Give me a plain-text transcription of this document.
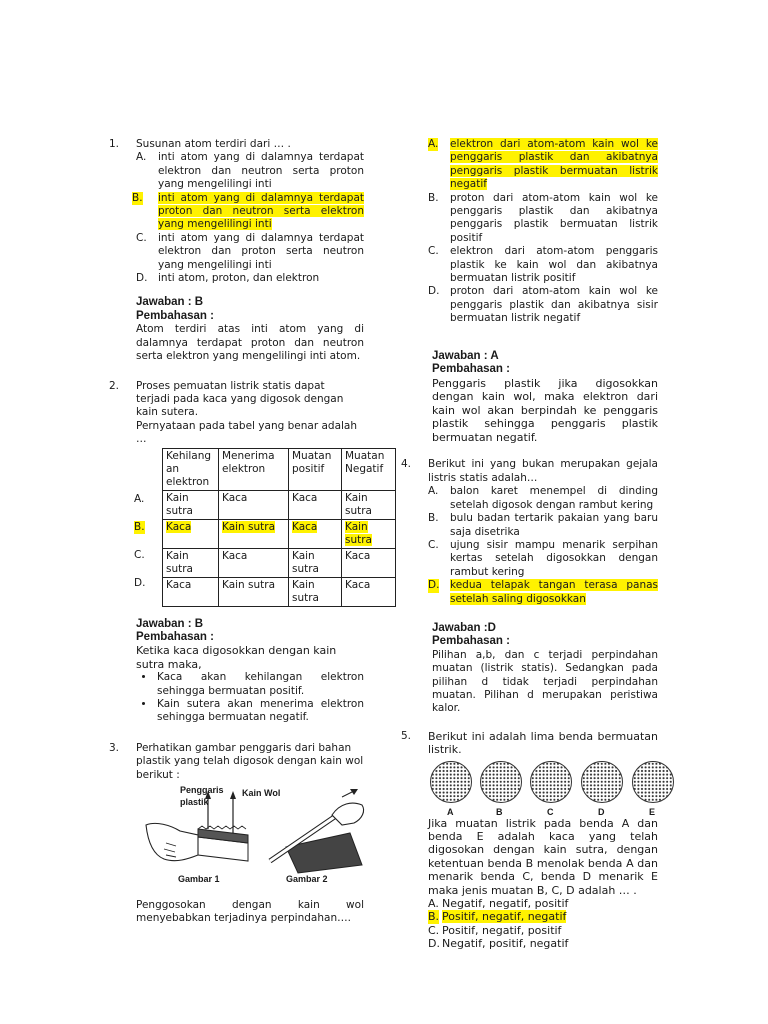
1. Susunan atom terdiri dari … .
A. inti atom yang di dalamnya terdapat elektron dan neutron serta proton yang mengelilingi inti
B. inti atom yang di dalamnya terdapat proton dan neutron serta elektron yang mengelilingi inti
C. inti atom yang di dalamnya terdapat elektron dan proton serta neutron yang mengelilingi inti
D. inti atom, proton, dan elektron
Jawaban : B
Pembahasan :
Atom terdiri atas inti atom yang di dalamnya terdapat proton dan neutron serta elektron yang mengelilingi inti atom.
2. Proses pemuatan listrik statis dapat terjadi pada kaca yang digosok dengan kain sutera.
Pernyataan pada tabel yang benar adalah …
Kehilang an elektron	Menerima elektron	Muatan positif	Muatan Negatif
Kain sutra	Kaca	Kaca	Kain sutra
Kaca	Kain sutra	Kaca	Kain sutra
Kain sutra	Kaca	Kain sutra	Kaca
Kaca	Kain sutra	Kain sutra	Kaca
A.
B.
C.
D.
Jawaban : B
Pembahasan :
Ketika kaca digosokkan dengan kain sutra maka,
• Kaca akan kehilangan elektron sehingga bermuatan positif.
• Kain sutera akan menerima elektron sehingga bermuatan negatif.
3. Perhatikan gambar penggaris dari bahan plastik yang telah digosok dengan kain wol berikut :
Penggaris plastik
Kain Wol
Gambar 1	Gambar 2
Penggosokan dengan kain wol menyebabkan terjadinya perpindahan….
A. elektron dari atom-atom kain wol ke penggaris plastik dan akibatnya penggaris plastik bermuatan listrik negatif
B. proton dari atom-atom kain wol ke penggaris plastik dan akibatnya penggaris plastik bermuatan listrik positif
C. elektron dari atom-atom penggaris plastik ke kain wol dan akibatnya bermuatan listrik positif
D. proton dari atom-atom kain wol ke penggaris plastik dan akibatnya sisir bermuatan listrik negatif
Jawaban : A
Pembahasan :
Penggaris plastik jika digosokkan dengan kain wol, maka elektron dari kain wol akan berpindah ke penggaris plastik sehingga penggaris plastik bermuatan negatif.
4. Berikut ini yang bukan merupakan gejala listris statis adalah…
A. balon karet menempel di dinding setelah digosok dengan rambut kering
B. bulu badan tertarik pakaian yang baru saja disetrika
C. ujung sisir mampu menarik serpihan kertas setelah digosokkan dengan rambut kering
D. kedua telapak tangan terasa panas setelah saling digosokkan
Jawaban :D
Pembahasan :
Pilihan a,b, dan c terjadi perpindahan muatan (listrik statis). Sedangkan pada pilihan d tidak terjadi perpindahan muatan. Pilihan d merupakan peristiwa kalor.
5. Berikut ini adalah lima benda bermuatan listrik.
A	B	C	D	E
Jika muatan listrik pada benda A dan benda E adalah kaca yang telah digosokan dengan kain sutra, dengan ketentuan benda B menolak benda A dan menarik benda C, benda D menarik E maka jenis muatan B, C, D adalah … .
A. Negatif, negatif, positif
B. Positif, negatif, negatif
C. Positif, negatif, positif
D. Negatif, positif, negatif
